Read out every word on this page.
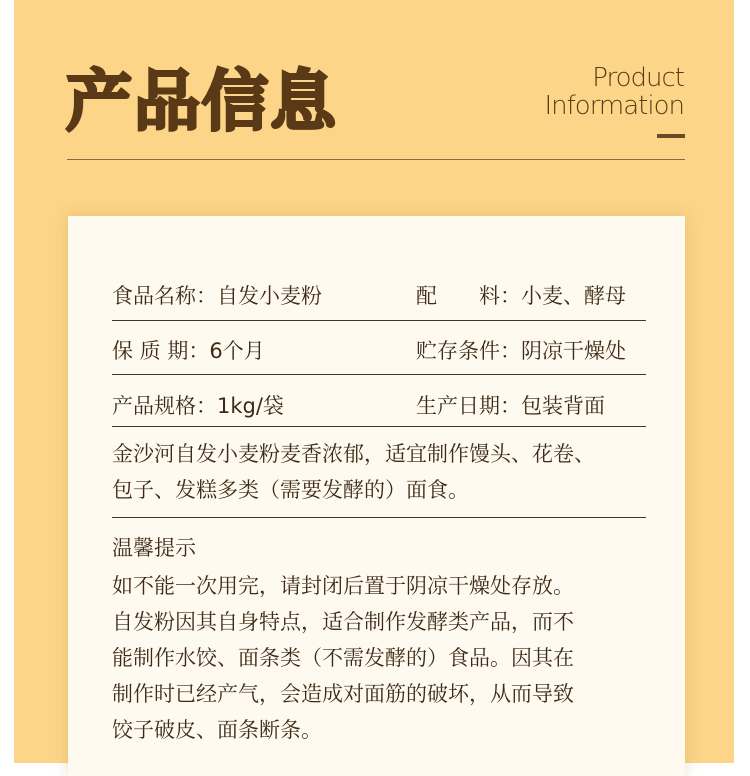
产品信息	Product
Information
食品名称：自发小麦粉	配　　料：小麦、酵母
保 质 期：6个月	贮存条件：阴凉干燥处
产品规格：1kg/袋	生产日期：包装背面
金沙河自发小麦粉麦香浓郁，适宜制作馒头、花卷、
包子、发糕多类（需要发酵的）面食。
温馨提示
如不能一次用完，请封闭后置于阴凉干燥处存放。
自发粉因其自身特点，适合制作发酵类产品，而不
能制作水饺、面条类（不需发酵的）食品。因其在
制作时已经产气，会造成对面筋的破坏，从而导致
饺子破皮、面条断条。
